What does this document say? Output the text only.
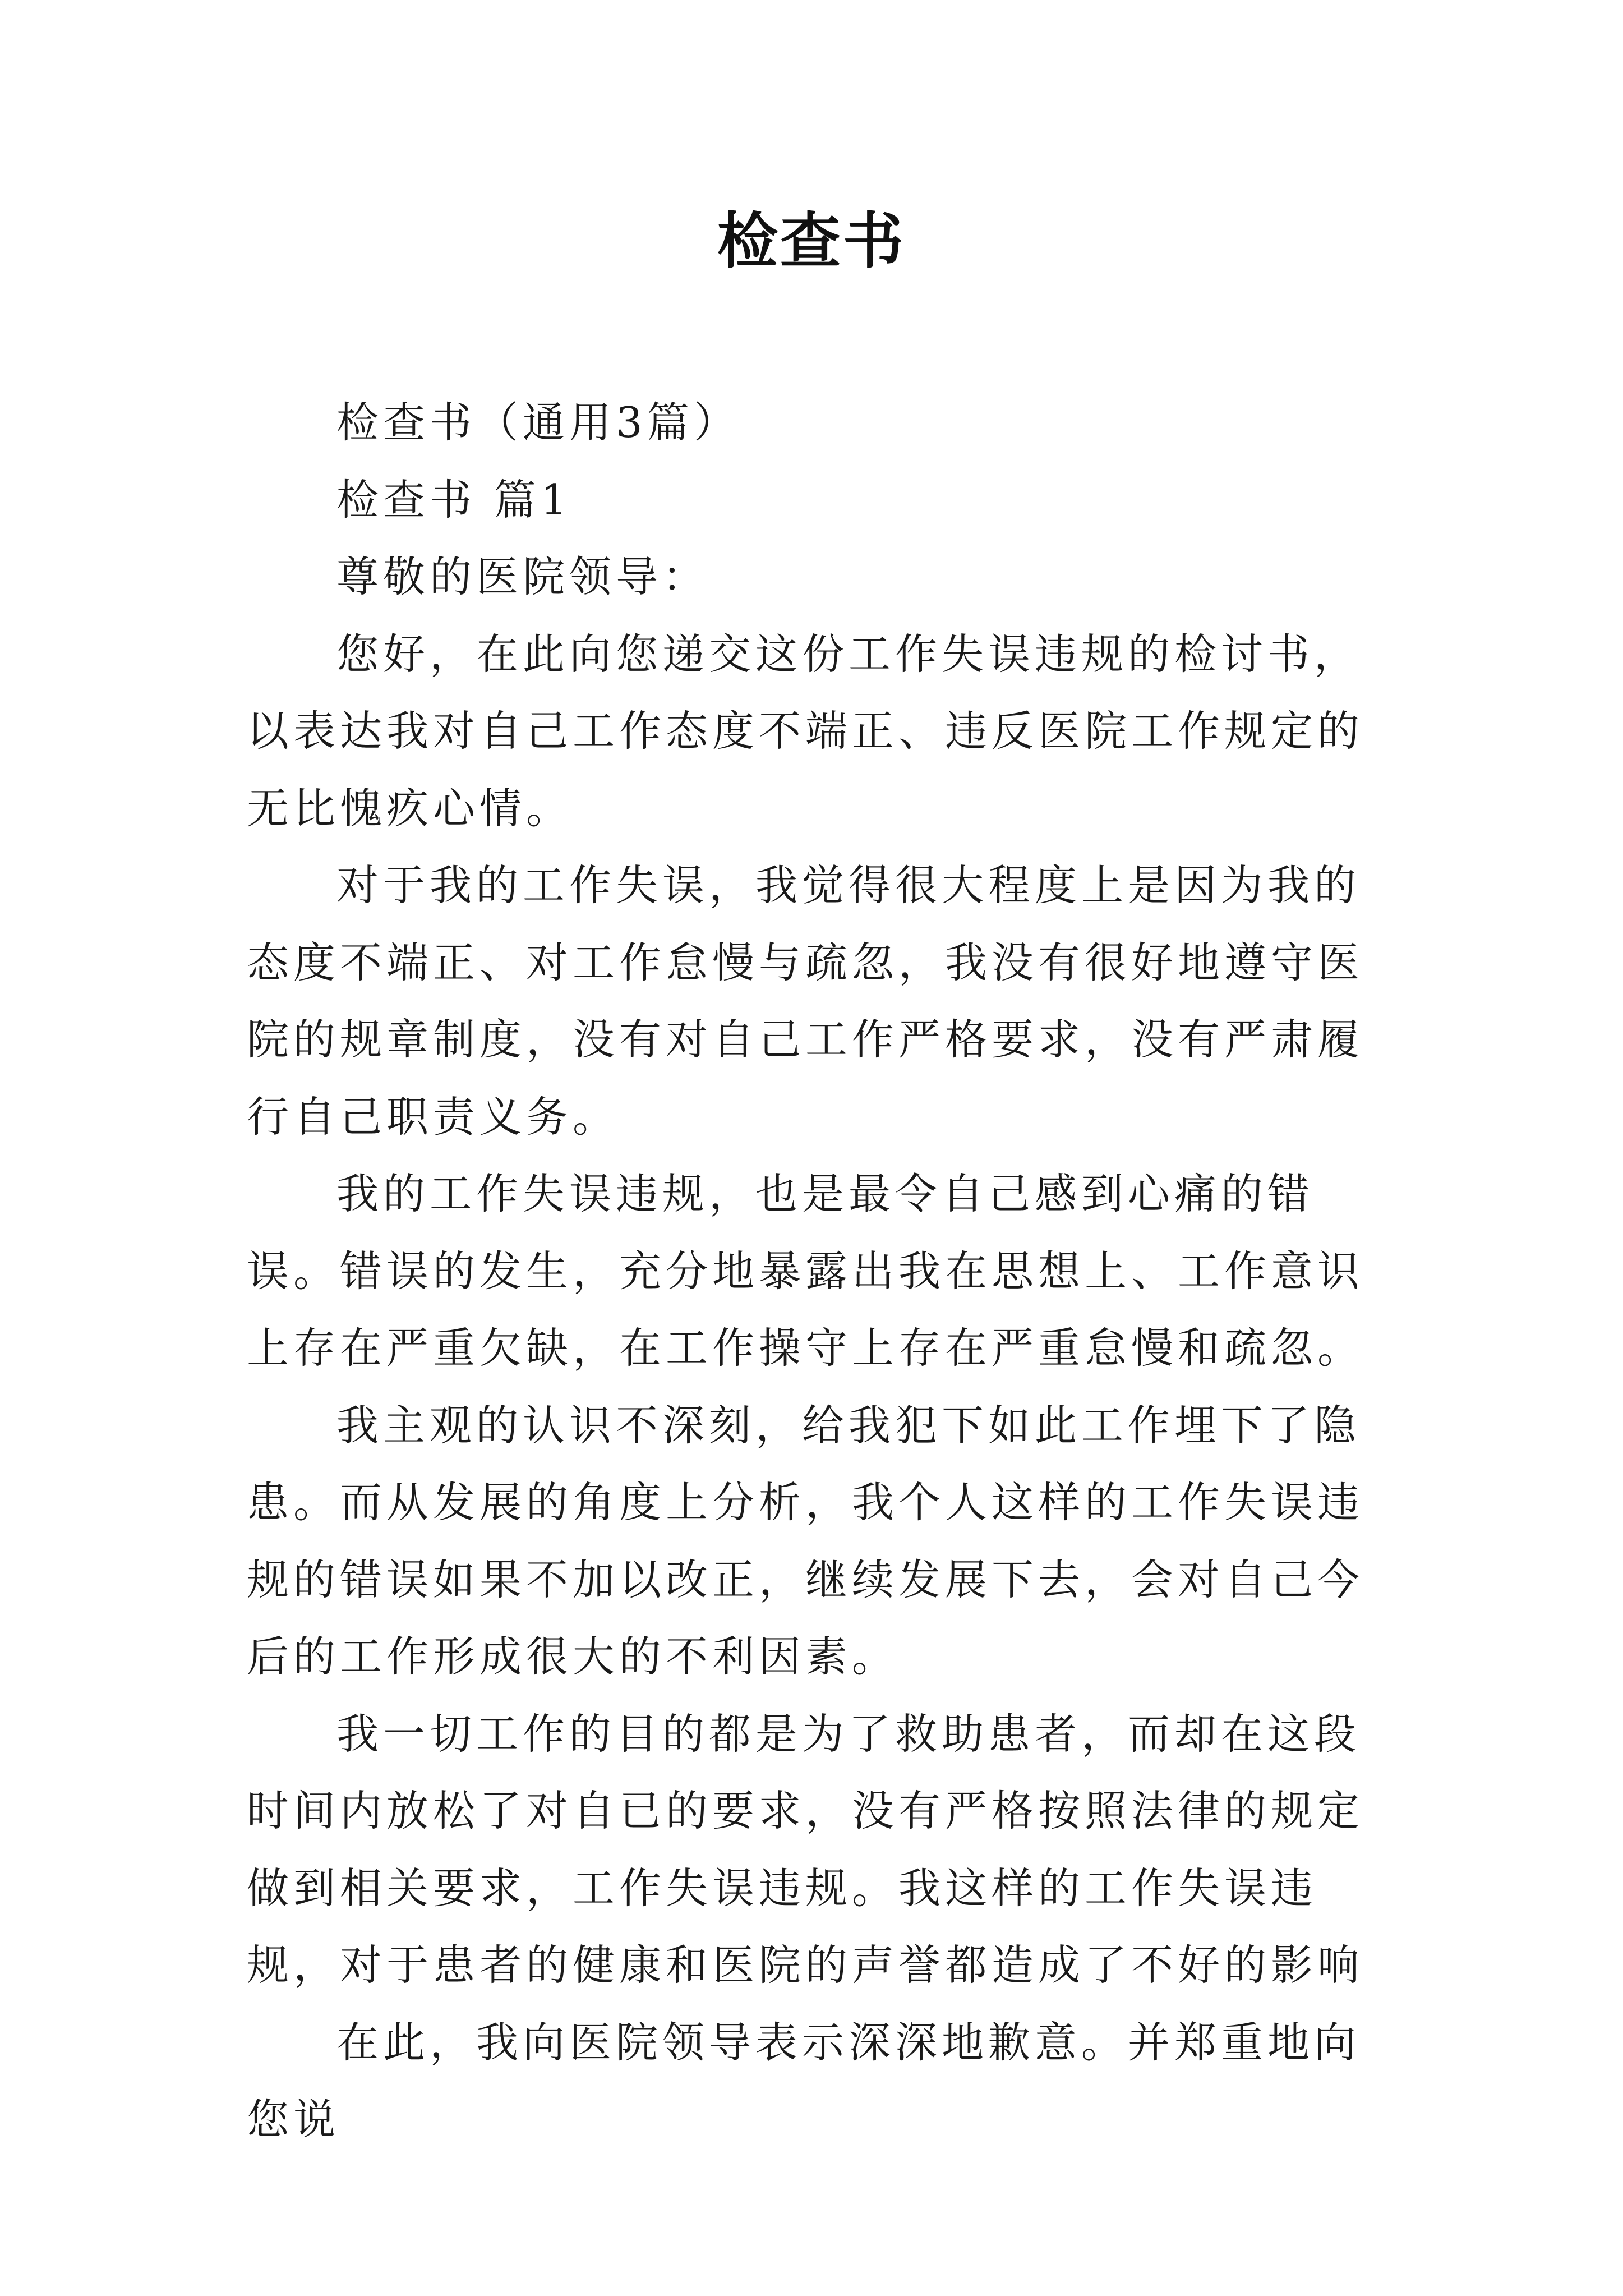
检查书

检查书（通用3篇）

检查书 篇1

尊敬的医院领导：

您好，在此向您递交这份工作失误违规的检讨书，以表达我对自己工作态度不端正、违反医院工作规定的无比愧疚心情。

对于我的工作失误，我觉得很大程度上是因为我的态度不端正、对工作怠慢与疏忽，我没有很好地遵守医院的规章制度，没有对自己工作严格要求，没有严肃履行自己职责义务。

我的工作失误违规，也是最令自己感到心痛的错误。错误的发生，充分地暴露出我在思想上、工作意识上存在严重欠缺，在工作操守上存在严重怠慢和疏忽。

我主观的认识不深刻，给我犯下如此工作埋下了隐患。而从发展的角度上分析，我个人这样的工作失误违规的错误如果不加以改正，继续发展下去，会对自己今后的工作形成很大的不利因素。

我一切工作的目的都是为了救助患者，而却在这段时间内放松了对自已的要求，没有严格按照法律的规定做到相关要求，工作失误违规。我这样的工作失误违规，对于患者的健康和医院的声誉都造成了不好的影响

在此，我向医院领导表示深深地歉意。并郑重地向您说
